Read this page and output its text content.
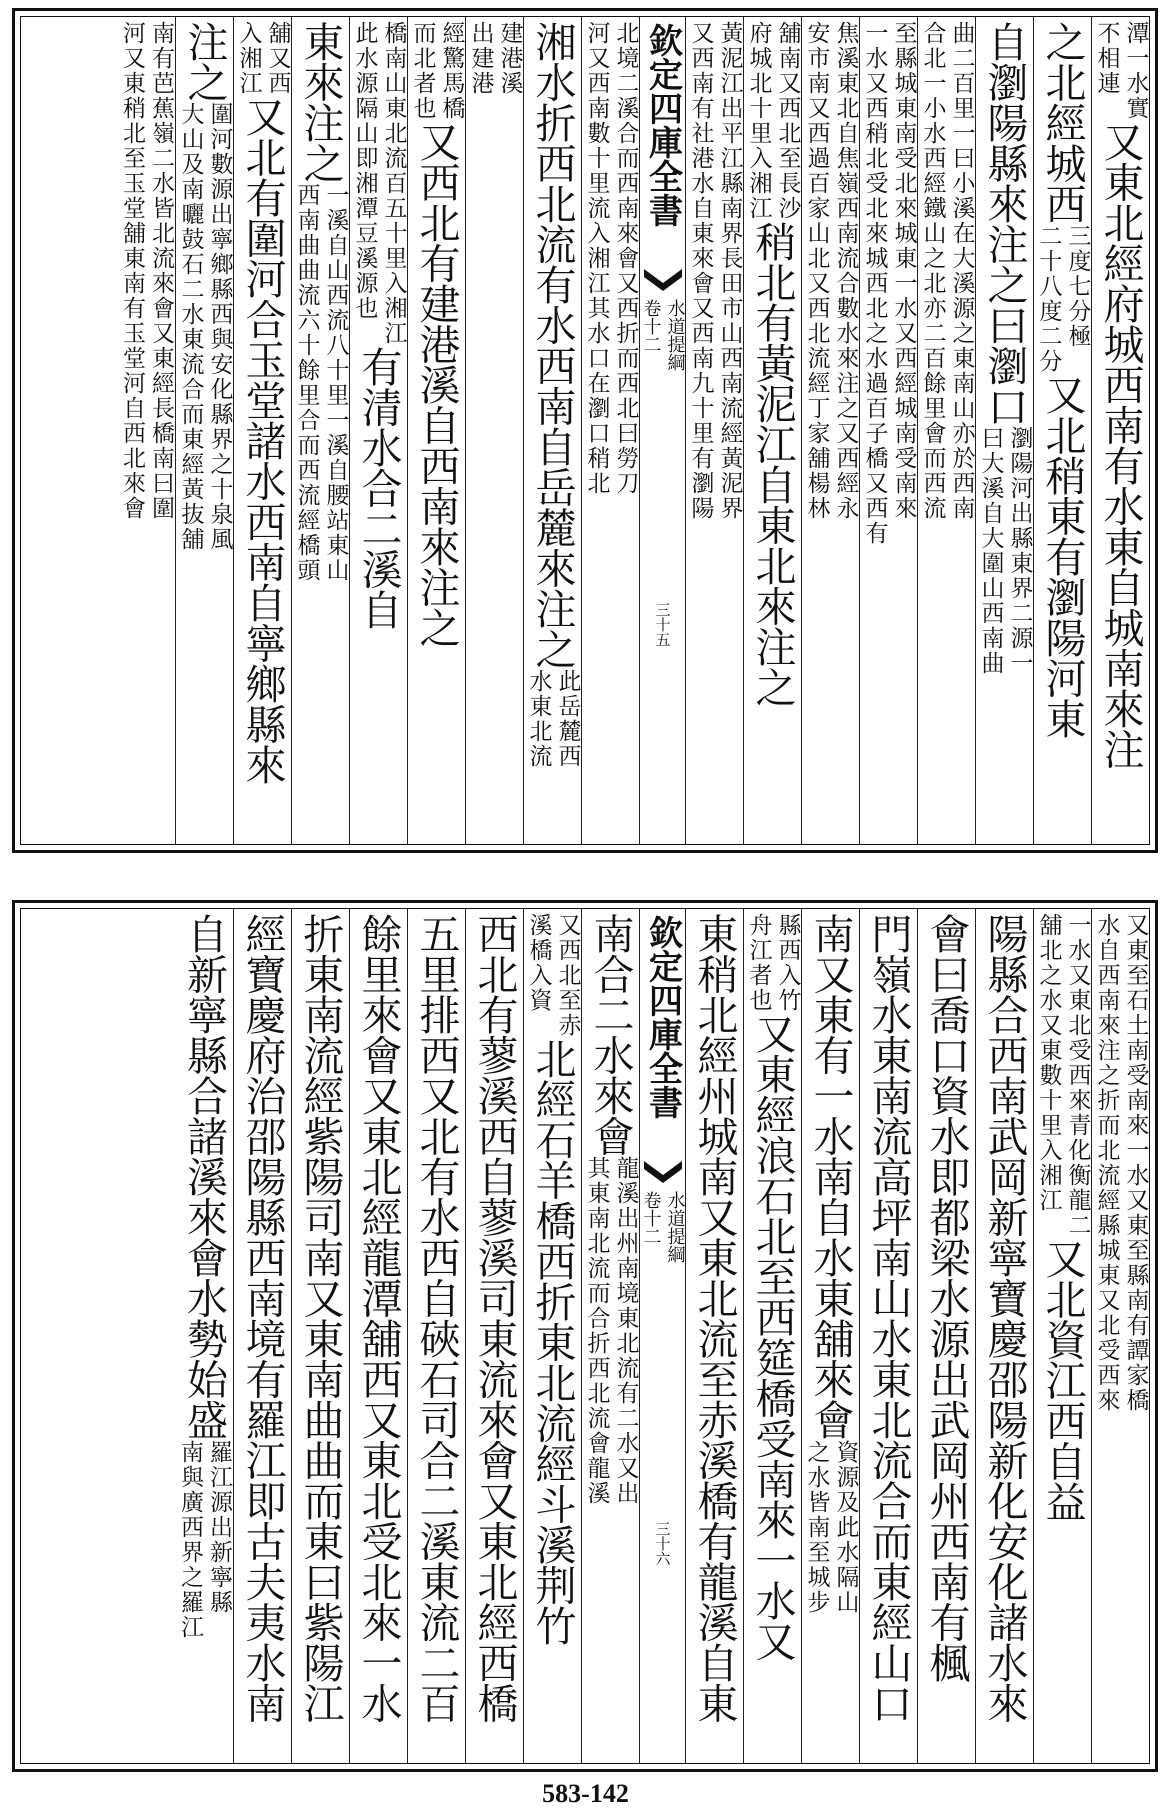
潭一水實
不相連
又東北經府城西南有水東自城南來注
之北經城西
三度七分極
二十八度二分
又北稍東有瀏陽河東
自瀏陽縣來注之曰瀏口
瀏陽河出縣東界二源一
曰大溪自大圍山西南曲
曲二百里一曰小溪在大溪源之東南山亦於西南
合北一小水西經鐵山之北亦二百餘里會而西流
至縣城東南受北來城東一水又西經城南受南來
一水又西稍北受北來城西北之水過百子橋又西有
焦溪東北自焦嶺西南流合數水來注之又西經永
安市南又西過百家山北又西北流經丁家舖楊林
舖南又西北至長沙
府城北十里入湘江
稍北有黃泥江自東北來注之
黃泥江出平江縣南界長田市山西南流經黃泥界
又西南有社港水自東來會又西南九十里有瀏陽
欽定四庫全書
水道提綱
卷十二
三十五
北境二溪合而西南來會又西折而西北曰勞刀
河又西南數十里流入湘江其水口在瀏口稍北
湘水折西北流有水西南自岳麓來注之
此岳麓西
水東北流
建港溪
出建港
經驚馬橋
而北者也
又西北有建港溪自西南來注之
橋南山東北流百五十里入湘江
此水源隔山即湘潭豆溪源也
有清水合二溪自
東來注之
一溪自山西流八十里一溪自腰站東山
西南曲曲流六十餘里合而西流經橋頭
舖又西
入湘江
又北有圍河合玉堂諸水西南自寧鄉縣來
注之
圍河數源出寧鄉縣西與安化縣界之十泉風
大山及南曬鼓石二水東流合而東經黃抜舖
南有芭蕉嶺二水皆北流來會又東經長橋南曰圍
河又東稍北至玉堂舖東南有玉堂河自西北來會
又東至石土南受南來一水又東至縣南有譚家橋
水自西南來注之折而北流經縣城東又北受西來
一水又東北受西來青化衡龍二
舖北之水又東數十里入湘江
又北資江西自益
陽縣合西南武岡新寧寶慶邵陽新化安化諸水來
會曰喬口
資水即都梁水源出武岡州西南有楓
門嶺水東南流高坪南山水東北流合而東經山口
南又東有一水南自水東舖來會
資源及此水隔山
之水皆南至城步
縣西入竹
舟江者也
又東經浪石北至西筵橋受南來一水又
東稍北經州城南又東北流至赤溪橋有龍溪自東
欽定四庫全書
水道提綱
卷十二
三十六
南合二水來會
龍溪出州南境東北流有二水又出
其東南北流而合折西北流會龍溪
又西北至赤
溪橋入資
北經石羊橋西折東北流經斗溪荆竹
西北有蓼溪西自蓼溪司東流來會又東北經西橋
五里排西又北有水西自硤石司合二溪東流二百
餘里來會又東北經龍潭舖西又東北受北來一水
折東南流經紫陽司南又東南曲曲而東曰紫陽江
經寶慶府治邵陽縣西南境有羅江即古夫夷水南
自新寧縣合諸溪來會水勢始盛
羅江源出新寧縣
南與廣西界之羅江
583-142
